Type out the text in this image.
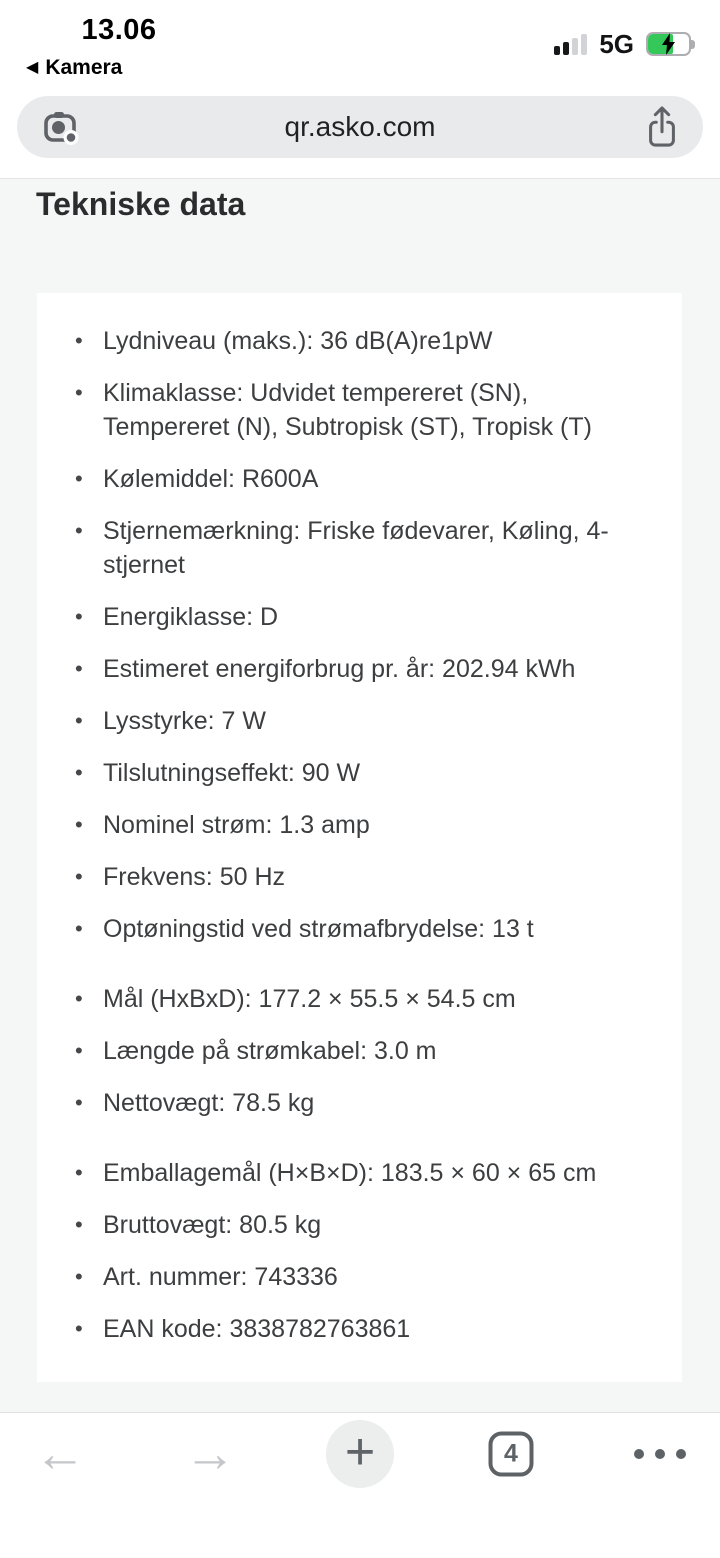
13.06
◀ Kamera
5G
qr.asko.com
Tekniske data
• Lydniveau (maks.): 36 dB(A)re1pW
• Klimaklasse: Udvidet tempereret (SN), Tempereret (N), Subtropisk (ST), Tropisk (T)
• Kølemiddel: R600A
• Stjernemærkning: Friske fødevarer, Køling, 4-stjernet
• Energiklasse: D
• Estimeret energiforbrug pr. år: 202.94 kWh
• Lysstyrke: 7 W
• Tilslutningseffekt: 90 W
• Nominel strøm: 1.3 amp
• Frekvens: 50 Hz
• Optøningstid ved strømafbrydelse: 13 t
• Mål (HxBxD): 177.2 × 55.5 × 54.5 cm
• Længde på strømkabel: 3.0 m
• Nettovægt: 78.5 kg
• Emballagemål (H×B×D): 183.5 × 60 × 65 cm
• Bruttovægt: 80.5 kg
• Art. nummer: 743336
• EAN kode: 3838782763861
← →	+	4
